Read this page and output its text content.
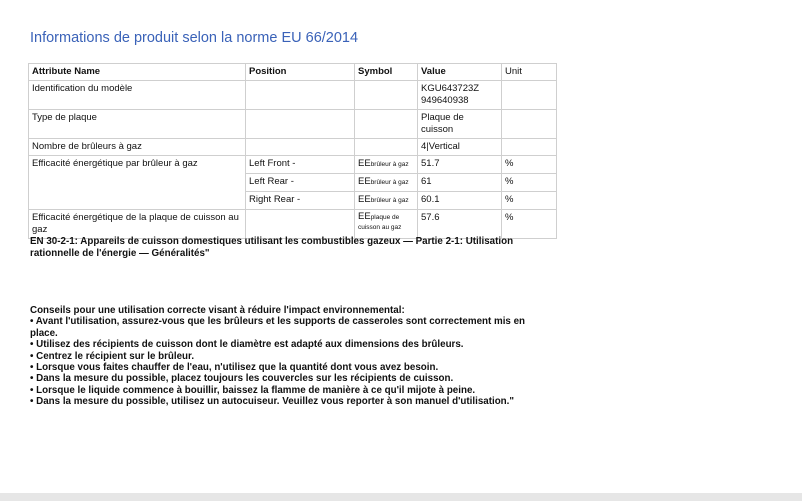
Informations de produit selon la norme EU 66/2014
Attribute Name	Position	Symbol	Value	Unit
Identification du modèle			KGU643723Z
949640938	

Type de plaque			Plaque de
cuisson	

Nombre de brûleurs à gaz			4|Vertical	
Efficacité énergétique par brûleur à gaz	Left Front -	EEbrûleur à gaz	51.7	%
	Left Rear -	EEbrûleur à gaz	61	%
	Right Rear -	EEbrûleur à gaz	60.1	%
Efficacité énergétique de la plaque de cuisson au gaz		EEplaque de cuisson au gaz	57.6	%
EN 30-2-1: Appareils de cuisson domestiques utilisant les combustibles gazeux — Partie 2-1: Utilisation rationnelle de l'énergie — Généralités"
Conseils pour une utilisation correcte visant à réduire l'impact environnemental:
• Avant l'utilisation, assurez-vous que les brûleurs et les supports de casseroles sont correctement mis en place.
• Utilisez des récipients de cuisson dont le diamètre est adapté aux dimensions des brûleurs.
• Centrez le récipient sur le brûleur.
• Lorsque vous faites chauffer de l'eau, n'utilisez que la quantité dont vous avez besoin.
• Dans la mesure du possible, placez toujours les couvercles sur les récipients de cuisson.
• Lorsque le liquide commence à bouillir, baissez la flamme de manière à ce qu'il mijote à peine.
• Dans la mesure du possible, utilisez un autocuiseur. Veuillez vous reporter à son manuel d'utilisation."
